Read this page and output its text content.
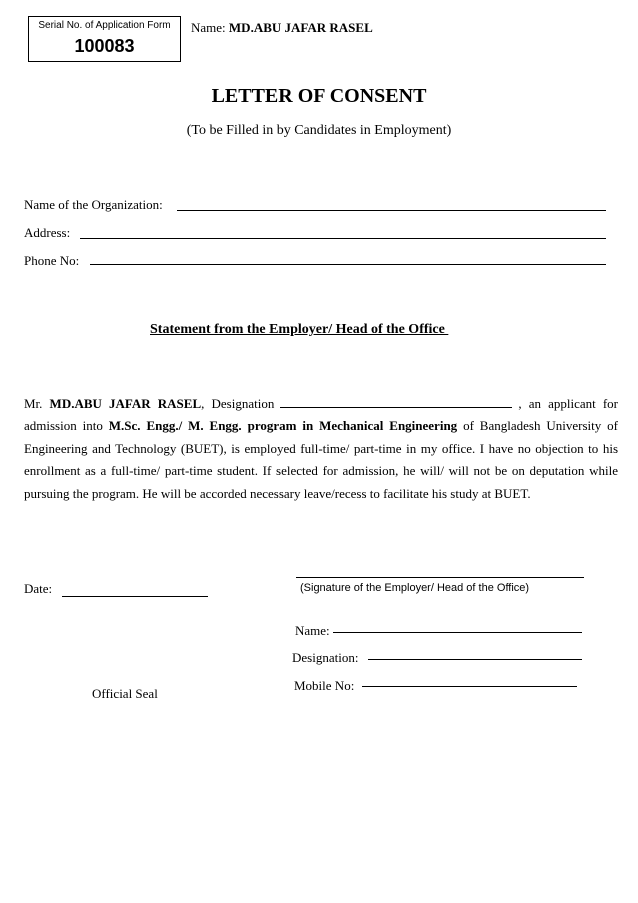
Serial No. of Application Form
100083
Name: MD.ABU JAFAR RASEL
LETTER OF CONSENT
(To be Filled in by Candidates in Employment)
Name of the Organization:
Address:
Phone No:
Statement from the Employer/ Head of the Office
Mr. MD.ABU JAFAR RASEL, Designation	, an applicant for admission into M.Sc. Engg./ M. Engg. program in Mechanical Engineering of Bangladesh University of Engineering and Technology (BUET), is employed full-time/ part-time in my office. I have no objection to his enrollment as a full-time/ part-time student. If selected for admission, he will/ will not be on deputation while pursuing the program. He will be accorded necessary leave/recess to facilitate his study at BUET.
Date:	(Signature of the Employer/ Head of the Office)
Name:
Designation:
Mobile No:
Official Seal
